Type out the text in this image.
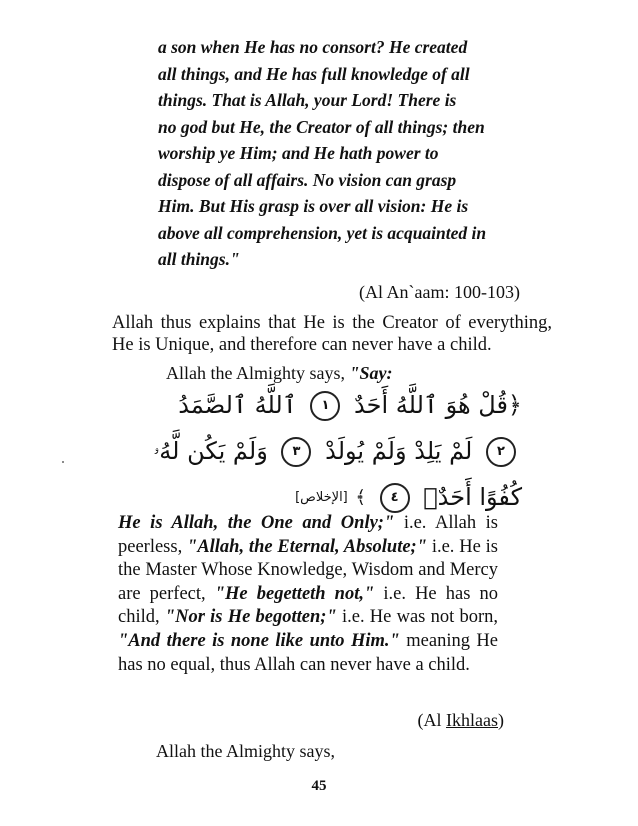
a son when He has no consort? He created

all things, and He has full knowledge of all

things. That is Allah, your Lord! There is

no god but He, the Creator of all things; then

worship ye Him; and He hath power to

dispose of all affairs. No vision can grasp

Him. But His grasp is over all vision: He is

above all comprehension, yet is acquainted in

all things."

(Al An`aam: 100-103)

Allah thus explains that He is the Creator of everything, He is Unique, and therefore can never have a child.

Allah the Almighty says, "Say:

﴿قُلْ هُوَ ٱللَّهُ أَحَدٌ ١ ٱللَّهُ ٱلصَّمَدُ
٢ لَمْ يَلِدْ وَلَمْ يُولَدْ ٣ وَلَمْ يَكُن لَّهُۥ
كُفُوًا أَحَدٌۢ ٤ ﴾ [الإخلاص]

He is Allah, the One and Only;" i.e. Allah is peerless, "Allah, the Eternal, Absolute;" i.e. He is the Master Whose Knowledge, Wisdom and Mercy are perfect, "He begetteth not," i.e. He has no child, "Nor is He begotten;" i.e. He was not born, "And there is none like unto Him." meaning He has no equal, thus Allah can never have a child.

(Al Ikhlaas)

Allah the Almighty says,

45
